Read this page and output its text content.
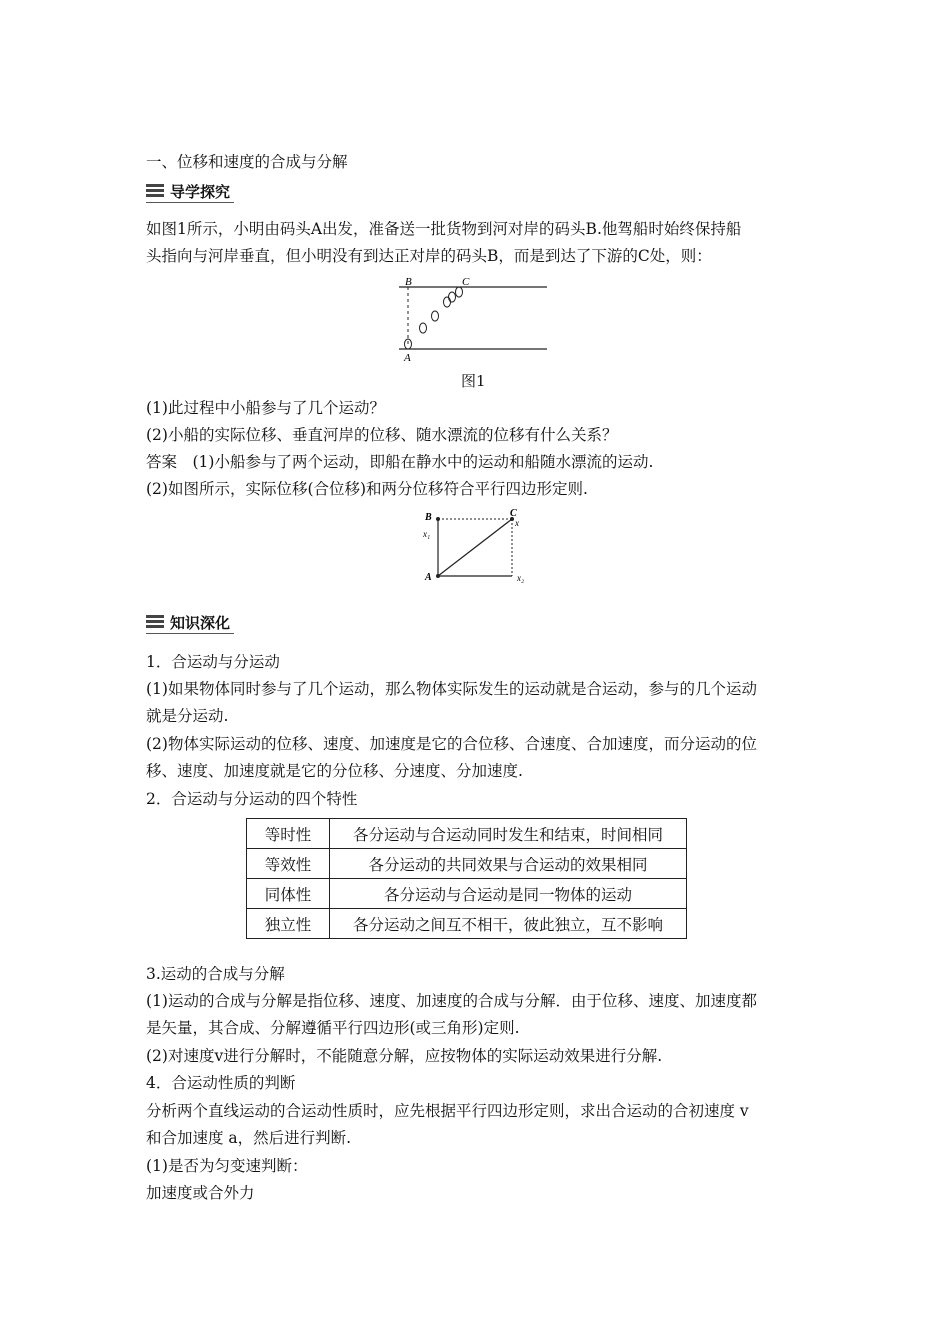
一、位移和速度的合成与分解
导学探究
如图1所示，小明由码头A出发，准备送一批货物到河对岸的码头B.他驾船时始终保持船
头指向与河岸垂直，但小明没有到达正对岸的码头B，而是到达了下游的C处，则：
B	C
A
图1
(1)此过程中小船参与了几个运动？
(2)小船的实际位移、垂直河岸的位移、随水漂流的位移有什么关系？
答案　(1)小船参与了两个运动，即船在静水中的运动和船随水漂流的运动.
(2)如图所示，实际位移(合位移)和两分位移符合平行四边形定则.
B	C
A
x
x₁
x₂
知识深化
1．合运动与分运动
(1)如果物体同时参与了几个运动，那么物体实际发生的运动就是合运动，参与的几个运动
就是分运动.
(2)物体实际运动的位移、速度、加速度是它的合位移、合速度、合加速度，而分运动的位
移、速度、加速度就是它的分位移、分速度、分加速度.
2．合运动与分运动的四个特性
等时性	各分运动与合运动同时发生和结束，时间相同
等效性	各分运动的共同效果与合运动的效果相同
同体性	各分运动与合运动是同一物体的运动
独立性	各分运动之间互不相干，彼此独立，互不影响
3.运动的合成与分解
(1)运动的合成与分解是指位移、速度、加速度的合成与分解．由于位移、速度、加速度都
是矢量，其合成、分解遵循平行四边形(或三角形)定则.
(2)对速度v进行分解时，不能随意分解，应按物体的实际运动效果进行分解.
4．合运动性质的判断
分析两个直线运动的合运动性质时，应先根据平行四边形定则，求出合运动的合初速度 v
和合加速度 a，然后进行判断.
(1)是否为匀变速判断：
加速度或合外力
